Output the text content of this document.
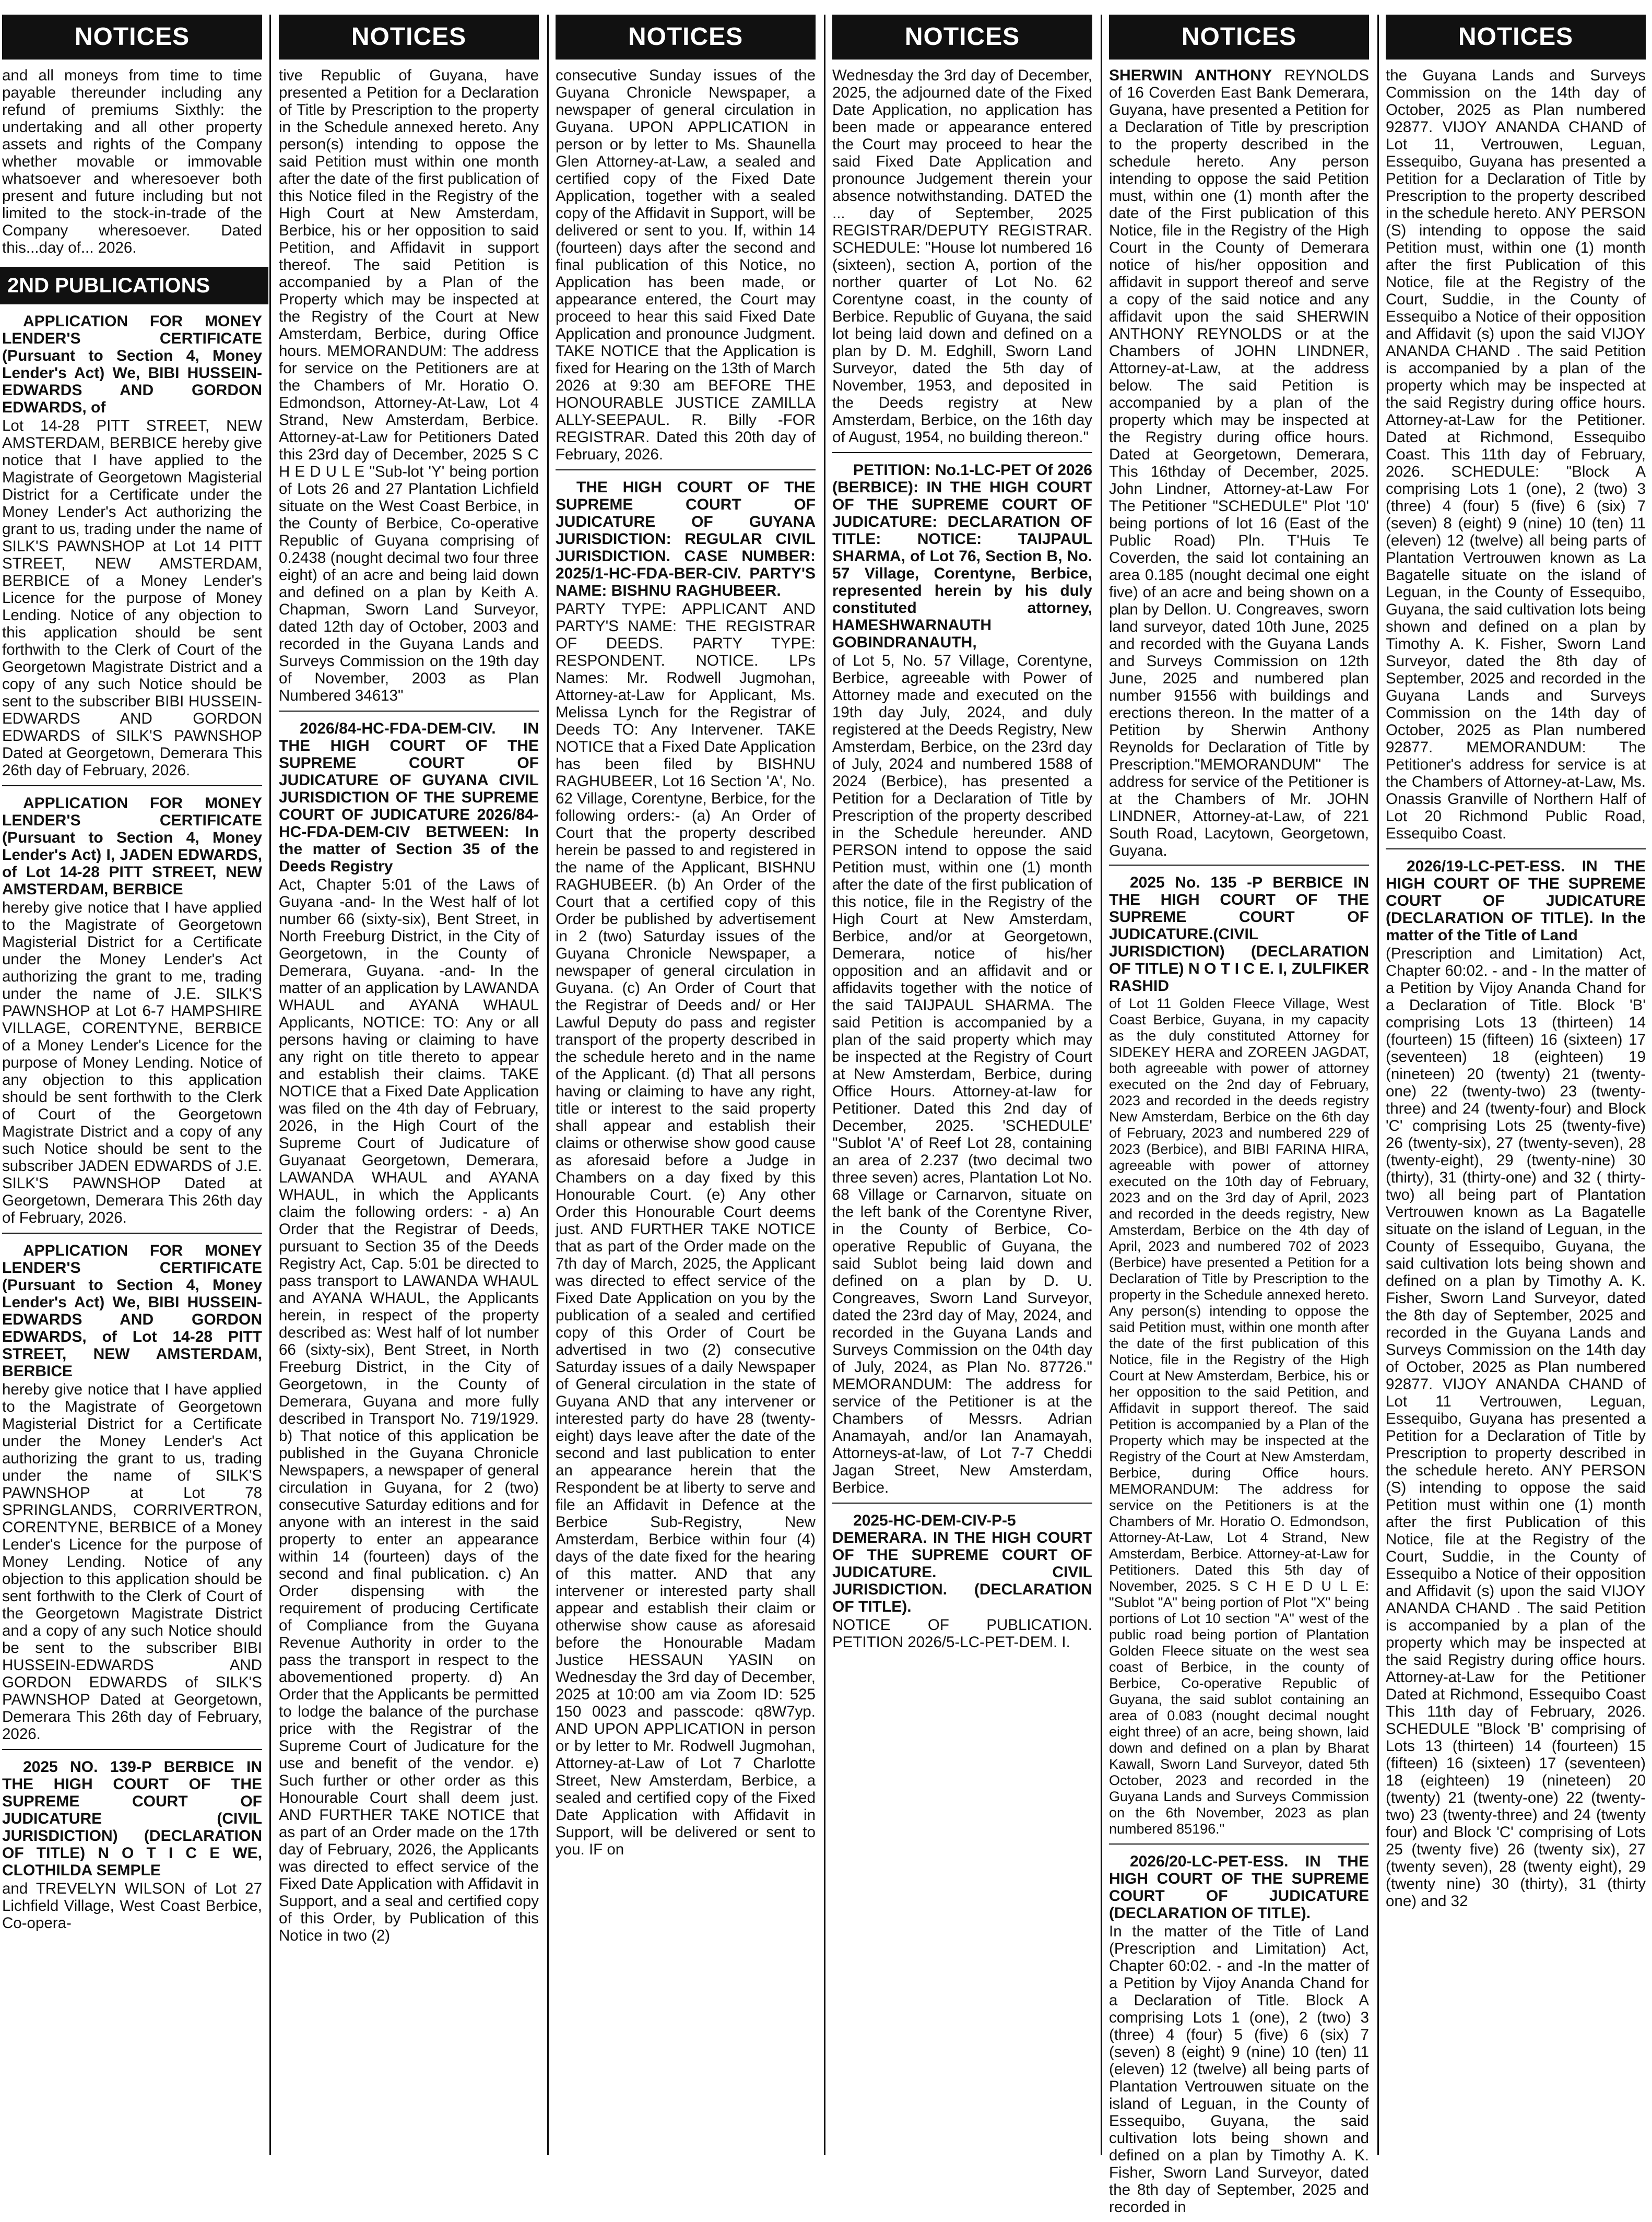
NOTICES

and all moneys from time to time payable thereunder including any refund of premiums Sixthly: the undertaking and all other property assets and rights of the Company whether movable or immovable whatsoever and wheresoever both present and future including but not limited to the stock-in-trade of the Company wheresoever. Dated this...day of... 2026.

2ND PUBLICATIONS

APPLICATION FOR MONEY LENDER'S CERTIFICATE (Pursuant to Section 4, Money Lender's Act) We, BIBI HUSSEIN-EDWARDS AND GORDON EDWARDS, of

Lot 14-28 PITT STREET, NEW AMSTERDAM, BERBICE hereby give notice that I have applied to the Magistrate of Georgetown Magisterial District for a Certificate under the Money Lender's Act authorizing the grant to us, trading under the name of SILK'S PAWNSHOP at Lot 14 PITT STREET, NEW AMSTERDAM, BERBICE of a Money Lender's Licence for the purpose of Money Lending. Notice of any objection to this application should be sent forthwith to the Clerk of Court of the Georgetown Magistrate District and a copy of any such Notice should be sent to the subscriber BIBI HUSSEIN-EDWARDS AND GORDON EDWARDS of SILK'S PAWNSHOP Dated at Georgetown, Demerara This 26th day of February, 2026.

APPLICATION FOR MONEY LENDER'S CERTIFICATE (Pursuant to Section 4, Money Lender's Act) I, JADEN EDWARDS, of Lot 14-28 PITT STREET, NEW AMSTERDAM, BERBICE

hereby give notice that I have applied to the Magistrate of Georgetown Magisterial District for a Certificate under the Money Lender's Act authorizing the grant to me, trading under the name of J.E. SILK'S PAWNSHOP at Lot 6-7 HAMPSHIRE VILLAGE, CORENTYNE, BERBICE of a Money Lender's Licence for the purpose of Money Lending. Notice of any objection to this application should be sent forthwith to the Clerk of Court of the Georgetown Magistrate District and a copy of any such Notice should be sent to the subscriber JADEN EDWARDS of J.E. SILK'S PAWNSHOP Dated at Georgetown, Demerara This 26th day of February, 2026.

APPLICATION FOR MONEY LENDER'S CERTIFICATE (Pursuant to Section 4, Money Lender's Act) We, BIBI HUSSEIN-EDWARDS AND GORDON EDWARDS, of Lot 14-28 PITT STREET, NEW AMSTERDAM, BERBICE

hereby give notice that I have applied to the Magistrate of Georgetown Magisterial District for a Certificate under the Money Lender's Act authorizing the grant to us, trading under the name of SILK'S PAWNSHOP at Lot 78 SPRINGLANDS, CORRIVERTRON, CORENTYNE, BERBICE of a Money Lender's Licence for the purpose of Money Lending. Notice of any objection to this application should be sent forthwith to the Clerk of Court of the Georgetown Magistrate District and a copy of any such Notice should be sent to the subscriber BIBI HUSSEIN-EDWARDS AND GORDON EDWARDS of SILK'S PAWNSHOP Dated at Georgetown, Demerara This 26th day of February, 2026.

2025 NO. 139-P BERBICE IN THE HIGH COURT OF THE SUPREME COURT OF JUDICATURE (CIVIL JURISDICTION) (DECLARATION OF TITLE) N O T I C E WE, CLOTHILDA SEMPLE

and TREVELYN WILSON of Lot 27 Lichfield Village, West Coast Berbice, Co-opera-

NOTICES

tive Republic of Guyana, have presented a Petition for a Declaration of Title by Prescription to the property in the Schedule annexed hereto. Any person(s) intending to oppose the said Petition must within one month after the date of the first publication of this Notice filed in the Registry of the High Court at New Amsterdam, Berbice, his or her opposition to said Petition, and Affidavit in support thereof. The said Petition is accompanied by a Plan of the Property which may be inspected at the Registry of the Court at New Amsterdam, Berbice, during Office hours. MEMORANDUM: The address for service on the Petitioners are at the Chambers of Mr. Horatio O. Edmondson, Attorney-At-Law, Lot 4 Strand, New Amsterdam, Berbice. Attorney-at-Law for Petitioners Dated this 23rd day of December, 2025 S C H E D U L E "Sub-lot 'Y' being portion of Lots 26 and 27 Plantation Lichfield situate on the West Coast Berbice, in the County of Berbice, Co-operative Republic of Guyana comprising of 0.2438 (nought decimal two four three eight) of an acre and being laid down and defined on a plan by Keith A. Chapman, Sworn Land Surveyor, dated 12th day of October, 2003 and recorded in the Guyana Lands and Surveys Commission on the 19th day of November, 2003 as Plan Numbered 34613"

2026/84-HC-FDA-DEM-CIV. IN THE HIGH COURT OF THE SUPREME COURT OF JUDICATURE OF GUYANA CIVIL JURISDICTION OF THE SUPREME COURT OF JUDICATURE 2026/84-HC-FDA-DEM-CIV BETWEEN: In the matter of Section 35 of the Deeds Registry

Act, Chapter 5:01 of the Laws of Guyana -and- In the West half of lot number 66 (sixty-six), Bent Street, in North Freeburg District, in the City of Georgetown, in the County of Demerara, Guyana. -and- In the matter of an application by LAWANDA WHAUL and AYANA WHAUL Applicants, NOTICE: TO: Any or all persons having or claiming to have any right on title thereto to appear and establish their claims. TAKE NOTICE that a Fixed Date Application was filed on the 4th day of February, 2026, in the High Court of the Supreme Court of Judicature of Guyanaat Georgetown, Demerara, LAWANDA WHAUL and AYANA WHAUL, in which the Applicants claim the following orders: - a) An Order that the Registrar of Deeds, pursuant to Section 35 of the Deeds Registry Act, Cap. 5:01 be directed to pass transport to LAWANDA WHAUL and AYANA WHAUL, the Applicants herein, in respect of the property described as: West half of lot number 66 (sixty-six), Bent Street, in North Freeburg District, in the City of Georgetown, in the County of Demerara, Guyana and more fully described in Transport No. 719/1929. b) That notice of this application be published in the Guyana Chronicle Newspapers, a newspaper of general circulation in Guyana, for 2 (two) consecutive Saturday editions and for anyone with an interest in the said property to enter an appearance within 14 (fourteen) days of the second and final publication. c) An Order dispensing with the requirement of producing Certificate of Compliance from the Guyana Revenue Authority in order to the pass the transport in respect to the abovementioned property. d) An Order that the Applicants be permitted to lodge the balance of the purchase price with the Registrar of the Supreme Court of Judicature for the use and benefit of the vendor. e) Such further or other order as this Honourable Court shall deem just. AND FURTHER TAKE NOTICE that as part of an Order made on the 17th day of February, 2026, the Applicants was directed to effect service of the Fixed Date Application with Affidavit in Support, and a seal and certified copy of this Order, by Publication of this Notice in two (2)

NOTICES

consecutive Sunday issues of the Guyana Chronicle Newspaper, a newspaper of general circulation in Guyana. UPON APPLICATION in person or by letter to Ms. Shaunella Glen Attorney-at-Law, a sealed and certified copy of the Fixed Date Application, together with a sealed copy of the Affidavit in Support, will be delivered or sent to you. If, within 14 (fourteen) days after the second and final publication of this Notice, no Application has been made, or appearance entered, the Court may proceed to hear this said Fixed Date Application and pronounce Judgment. TAKE NOTICE that the Application is fixed for Hearing on the 13th of March 2026 at 9:30 am BEFORE THE HONOURABLE JUSTICE ZAMILLA ALLY-SEEPAUL. R. Billy -FOR REGISTRAR. Dated this 20th day of February, 2026.

THE HIGH COURT OF THE SUPREME COURT OF JUDICATURE OF GUYANA JURISDICTION: REGULAR CIVIL JURISDICTION. CASE NUMBER: 2025/1-HC-FDA-BER-CIV. PARTY'S NAME: BISHNU RAGHUBEER.

PARTY TYPE: APPLICANT AND PARTY'S NAME: THE REGISTRAR OF DEEDS. PARTY TYPE: RESPONDENT. NOTICE. LPs Names: Mr. Rodwell Jugmohan, Attorney-at-Law for Applicant, Ms. Melissa Lynch for the Registrar of Deeds TO: Any Intervener. TAKE NOTICE that a Fixed Date Application has been filed by BISHNU RAGHUBEER, Lot 16 Section 'A', No. 62 Village, Corentyne, Berbice, for the following orders:- (a) An Order of Court that the property described herein be passed to and registered in the name of the Applicant, BISHNU RAGHUBEER. (b) An Order of the Court that a certified copy of this Order be published by advertisement in 2 (two) Saturday issues of the Guyana Chronicle Newspaper, a newspaper of general circulation in Guyana. (c) An Order of Court that the Registrar of Deeds and/ or Her Lawful Deputy do pass and register transport of the property described in the schedule hereto and in the name of the Applicant. (d) That all persons having or claiming to have any right, title or interest to the said property shall appear and establish their claims or otherwise show good cause as aforesaid before a Judge in Chambers on a day fixed by this Honourable Court. (e) Any other Order this Honourable Court deems just. AND FURTHER TAKE NOTICE that as part of the Order made on the 7th day of March, 2025, the Applicant was directed to effect service of the Fixed Date Application on you by the publication of a sealed and certified copy of this Order of Court be advertised in two (2) consecutive Saturday issues of a daily Newspaper of General circulation in the state of Guyana AND that any intervener or interested party do have 28 (twenty-eight) days leave after the date of the second and last publication to enter an appearance herein that the Respondent be at liberty to serve and file an Affidavit in Defence at the Berbice Sub-Registry, New Amsterdam, Berbice within four (4) days of the date fixed for the hearing of this matter. AND that any intervener or interested party shall appear and establish their claim or otherwise show cause as aforesaid before the Honourable Madam Justice HESSAUN YASIN on Wednesday the 3rd day of December, 2025 at 10:00 am via Zoom ID: 525 150 0023 and passcode: q8W7yp. AND UPON APPLICATION in person or by letter to Mr. Rodwell Jugmohan, Attorney-at-Law of Lot 7 Charlotte Street, New Amsterdam, Berbice, a sealed and certified copy of the Fixed Date Application with Affidavit in Support, will be delivered or sent to you. IF on

NOTICES

Wednesday the 3rd day of December, 2025, the adjourned date of the Fixed Date Application, no application has been made or appearance entered the Court may proceed to hear the said Fixed Date Application and pronounce Judgement therein your absence notwithstanding. DATED the ... day of September, 2025 REGISTRAR/DEPUTY REGISTRAR. SCHEDULE: "House lot numbered 16 (sixteen), section A, portion of the norther quarter of Lot No. 62 Corentyne coast, in the county of Berbice. Republic of Guyana, the said lot being laid down and defined on a plan by D. M. Edghill, Sworn Land Surveyor, dated the 5th day of November, 1953, and deposited in the Deeds registry at New Amsterdam, Berbice, on the 16th day of August, 1954, no building thereon."

PETITION: No.1-LC-PET Of 2026 (BERBICE): IN THE HIGH COURT OF THE SUPREME COURT OF JUDICATURE: DECLARATION OF TITLE: NOTICE: TAIJPAUL SHARMA, of Lot 76, Section B, No. 57 Village, Corentyne, Berbice, represented herein by his duly constituted attorney, HAMESHWARNAUTH GOBINDRANAUTH,

of Lot 5, No. 57 Village, Corentyne, Berbice, agreeable with Power of Attorney made and executed on the 19th day July, 2024, and duly registered at the Deeds Registry, New Amsterdam, Berbice, on the 23rd day of July, 2024 and numbered 1588 of 2024 (Berbice), has presented a Petition for a Declaration of Title by Prescription of the property described in the Schedule hereunder. AND PERSON intend to oppose the said Petition must, within one (1) month after the date of the first publication of this notice, file in the Registry of the High Court at New Amsterdam, Berbice, and/or at Georgetown, Demerara, notice of his/her opposition and an affidavit and or affidavits together with the notice of the said TAIJPAUL SHARMA. The said Petition is accompanied by a plan of the said property which may be inspected at the Registry of Court at New Amsterdam, Berbice, during Office Hours. Attorney-at-law for Petitioner. Dated this 2nd day of December, 2025. 'SCHEDULE' "Sublot 'A' of Reef Lot 28, containing an area of 2.237 (two decimal two three seven) acres, Plantation Lot No. 68 Village or Carnarvon, situate on the left bank of the Corentyne River, in the County of Berbice, Co-operative Republic of Guyana, the said Sublot being laid down and defined on a plan by D. U. Congreaves, Sworn Land Surveyor, dated the 23rd day of May, 2024, and recorded in the Guyana Lands and Surveys Commission on the 04th day of July, 2024, as Plan No. 87726." MEMORANDUM: The address for service of the Petitioner is at the Chambers of Messrs. Adrian Anamayah, and/or Ian Anamayah, Attorneys-at-law, of Lot 7-7 Cheddi Jagan Street, New Amsterdam, Berbice.

2025-HC-DEM-CIV-P-5 DEMERARA. IN THE HIGH COURT OF THE SUPREME COURT OF JUDICATURE. CIVIL JURISDICTION. (DECLARATION OF TITLE).

NOTICE OF PUBLICATION. PETITION 2026/5-LC-PET-DEM. I.

NOTICES

SHERWIN ANTHONY REYNOLDS of 16 Coverden East Bank Demerara, Guyana, have presented a Petition for a Declaration of Title by prescription to the property described in the schedule hereto. Any person intending to oppose the said Petition must, within one (1) month after the date of the First publication of this Notice, file in the Registry of the High Court in the County of Demerara notice of his/her opposition and affidavit in support thereof and serve a copy of the said notice and any affidavit upon the said SHERWIN ANTHONY REYNOLDS or at the Chambers of JOHN LINDNER, Attorney-at-Law, at the address below. The said Petition is accompanied by a plan of the property which may be inspected at the Registry during office hours. Dated at Georgetown, Demerara, This 16thday of December, 2025. John Lindner, Attorney-at-Law For The Petitioner "SCHEDULE" Plot '10' being portions of lot 16 (East of the Public Road) Pln. T'Huis Te Coverden, the said lot containing an area 0.185 (nought decimal one eight five) of an acre and being shown on a plan by Dellon. U. Congreaves, sworn land surveyor, dated 10th June, 2025 and recorded with the Guyana Lands and Surveys Commission on 12th June, 2025 and numbered plan number 91556 with buildings and erections thereon. In the matter of a Petition by Sherwin Anthony Reynolds for Declaration of Title by Prescription."MEMORANDUM" The address for service of the Petitioner is at the Chambers of Mr. JOHN LINDNER, Attorney-at-Law, of 221 South Road, Lacytown, Georgetown, Guyana.

2025 No. 135 -P BERBICE IN THE HIGH COURT OF THE SUPREME COURT OF JUDICATURE.(CIVIL JURISDICTION) (DECLARATION OF TITLE) N O T I C E. I, ZULFIKER RASHID

of Lot 11 Golden Fleece Village, West Coast Berbice, Guyana, in my capacity as the duly constituted Attorney for SIDEKEY HERA and ZOREEN JAGDAT, both agreeable with power of attorney executed on the 2nd day of February, 2023 and recorded in the deeds registry New Amsterdam, Berbice on the 6th day of February, 2023 and numbered 229 of 2023 (Berbice), and BIBI FARINA HIRA, agreeable with power of attorney executed on the 10th day of February, 2023 and on the 3rd day of April, 2023 and recorded in the deeds registry, New Amsterdam, Berbice on the 4th day of April, 2023 and numbered 702 of 2023 (Berbice) have presented a Petition for a Declaration of Title by Prescription to the property in the Schedule annexed hereto. Any person(s) intending to oppose the said Petition must, within one month after the date of the first publication of this Notice, file in the Registry of the High Court at New Amsterdam, Berbice, his or her opposition to the said Petition, and Affidavit in support thereof. The said Petition is accompanied by a Plan of the Property which may be inspected at the Registry of the Court at New Amsterdam, Berbice, during Office hours. MEMORANDUM: The address for service on the Petitioners is at the Chambers of Mr. Horatio O. Edmondson, Attorney-At-Law, Lot 4 Strand, New Amsterdam, Berbice. Attorney-at-Law for Petitioners. Dated this 5th day of November, 2025. S C H E D U L E: "Sublot "A" being portion of Plot "X" being portions of Lot 10 section "A" west of the public road being portion of Plantation Golden Fleece situate on the west sea coast of Berbice, in the county of Berbice, Co-operative Republic of Guyana, the said sublot containing an area of 0.083 (nought decimal nought eight three) of an acre, being shown, laid down and defined on a plan by Bharat Kawall, Sworn Land Surveyor, dated 5th October, 2023 and recorded in the Guyana Lands and Surveys Commission on the 6th November, 2023 as plan numbered 85196."

2026/20-LC-PET-ESS. IN THE HIGH COURT OF THE SUPREME COURT OF JUDICATURE (DECLARATION OF TITLE).

In the matter of the Title of Land (Prescription and Limitation) Act, Chapter 60:02. - and -In the matter of a Petition by Vijoy Ananda Chand for a Declaration of Title. Block A comprising Lots 1 (one), 2 (two) 3 (three) 4 (four) 5 (five) 6 (six) 7 (seven) 8 (eight) 9 (nine) 10 (ten) 11 (eleven) 12 (twelve) all being parts of Plantation Vertrouwen situate on the island of Leguan, in the County of Essequibo, Guyana, the said cultivation lots being shown and defined on a plan by Timothy A. K. Fisher, Sworn Land Surveyor, dated the 8th day of September, 2025 and recorded in

NOTICES

the Guyana Lands and Surveys Commission on the 14th day of October, 2025 as Plan numbered 92877. VIJOY ANANDA CHAND of Lot 11, Vertrouwen, Leguan, Essequibo, Guyana has presented a Petition for a Declaration of Title by Prescription to the property described in the schedule hereto. ANY PERSON (S) intending to oppose the said Petition must, within one (1) month after the first Publication of this Notice, file at the Registry of the Court, Suddie, in the County of Essequibo a Notice of their opposition and Affidavit (s) upon the said VIJOY ANANDA CHAND . The said Petition is accompanied by a plan of the property which may be inspected at the said Registry during office hours. Attorney-at-Law for the Petitioner. Dated at Richmond, Essequibo Coast. This 11th day of February, 2026. SCHEDULE: "Block A comprising Lots 1 (one), 2 (two) 3 (three) 4 (four) 5 (five) 6 (six) 7 (seven) 8 (eight) 9 (nine) 10 (ten) 11 (eleven) 12 (twelve) all being parts of Plantation Vertrouwen known as La Bagatelle situate on the island of Leguan, in the County of Essequibo, Guyana, the said cultivation lots being shown and defined on a plan by Timothy A. K. Fisher, Sworn Land Surveyor, dated the 8th day of September, 2025 and recorded in the Guyana Lands and Surveys Commission on the 14th day of October, 2025 as Plan numbered 92877. MEMORANDUM: The Petitioner's address for service is at the Chambers of Attorney-at-Law, Ms. Onassis Granville of Northern Half of Lot 20 Richmond Public Road, Essequibo Coast.

2026/19-LC-PET-ESS. IN THE HIGH COURT OF THE SUPREME COURT OF JUDICATURE (DECLARATION OF TITLE). In the matter of the Title of Land

(Prescription and Limitation) Act, Chapter 60:02. - and - In the matter of a Petition by Vijoy Ananda Chand for a Declaration of Title. Block 'B' comprising Lots 13 (thirteen) 14 (fourteen) 15 (fifteen) 16 (sixteen) 17 (seventeen) 18 (eighteen) 19 (nineteen) 20 (twenty) 21 (twenty-one) 22 (twenty-two) 23 (twenty-three) and 24 (twenty-four) and Block 'C' comprising Lots 25 (twenty-five) 26 (twenty-six), 27 (twenty-seven), 28 (twenty-eight), 29 (twenty-nine) 30 (thirty), 31 (thirty-one) and 32 ( thirty-two) all being part of Plantation Vertrouwen known as La Bagatelle situate on the island of Leguan, in the County of Essequibo, Guyana, the said cultivation lots being shown and defined on a plan by Timothy A. K. Fisher, Sworn Land Surveyor, dated the 8th day of September, 2025 and recorded in the Guyana Lands and Surveys Commission on the 14th day of October, 2025 as Plan numbered 92877. VIJOY ANANDA CHAND of Lot 11 Vertrouwen, Leguan, Essequibo, Guyana has presented a Petition for a Declaration of Title by Prescription to property described in the schedule hereto. ANY PERSON (S) intending to oppose the said Petition must within one (1) month after the first Publication of this Notice, file at the Registry of the Court, Suddie, in the County of Essequibo a Notice of their opposition and Affidavit (s) upon the said VIJOY ANANDA CHAND . The said Petition is accompanied by a plan of the property which may be inspected at the said Registry during office hours. Attorney-at-Law for the Petitioner Dated at Richmond, Essequibo Coast This 11th day of February, 2026. SCHEDULE "Block 'B' comprising of Lots 13 (thirteen) 14 (fourteen) 15 (fifteen) 16 (sixteen) 17 (seventeen) 18 (eighteen) 19 (nineteen) 20 (twenty) 21 (twenty-one) 22 (twenty-two) 23 (twenty-three) and 24 (twenty four) and Block 'C' comprising of Lots 25 (twenty five) 26 (twenty six), 27 (twenty seven), 28 (twenty eight), 29 (twenty nine) 30 (thirty), 31 (thirty one) and 32
